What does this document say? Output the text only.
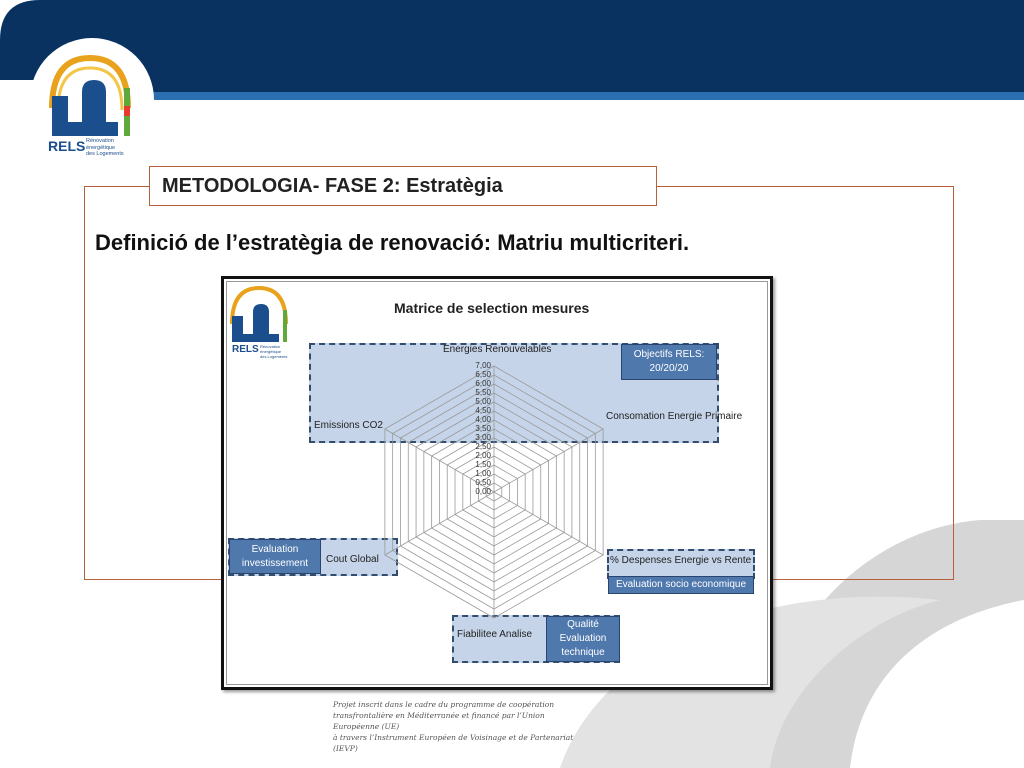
RELS Rénovation
énergétique
des Logements
METODOLOGIA- FASE 2: Estratègia
Definició de l’estratègia de renovació: Matriu multicriteri.
RELS Rénovation
énergétique
des Logements
Matrice de selection mesures
7,00
6,50
6,00
5,50
5,00
4,50
4,00
3,50
3,00
2,50
2,00
1,50
1,00
0,50
0,00
Energies Renouvelables
Consomation Energie Primaire
% Despenses Energie vs Rente
Fiabilitee Analise
Cout Global
Emissions CO2
Objectifs RELS: 20/20/20
Evaluation investissement
Evaluation socio economique
Qualité Evaluation technique
Projet inscrit dans le cadre du programme de coopération
transfrontalière en Méditerranée et financé par l’Union Européenne (UE)
à travers l’Instrument Européen de Voisinage et de Partenariat (IEVP)
